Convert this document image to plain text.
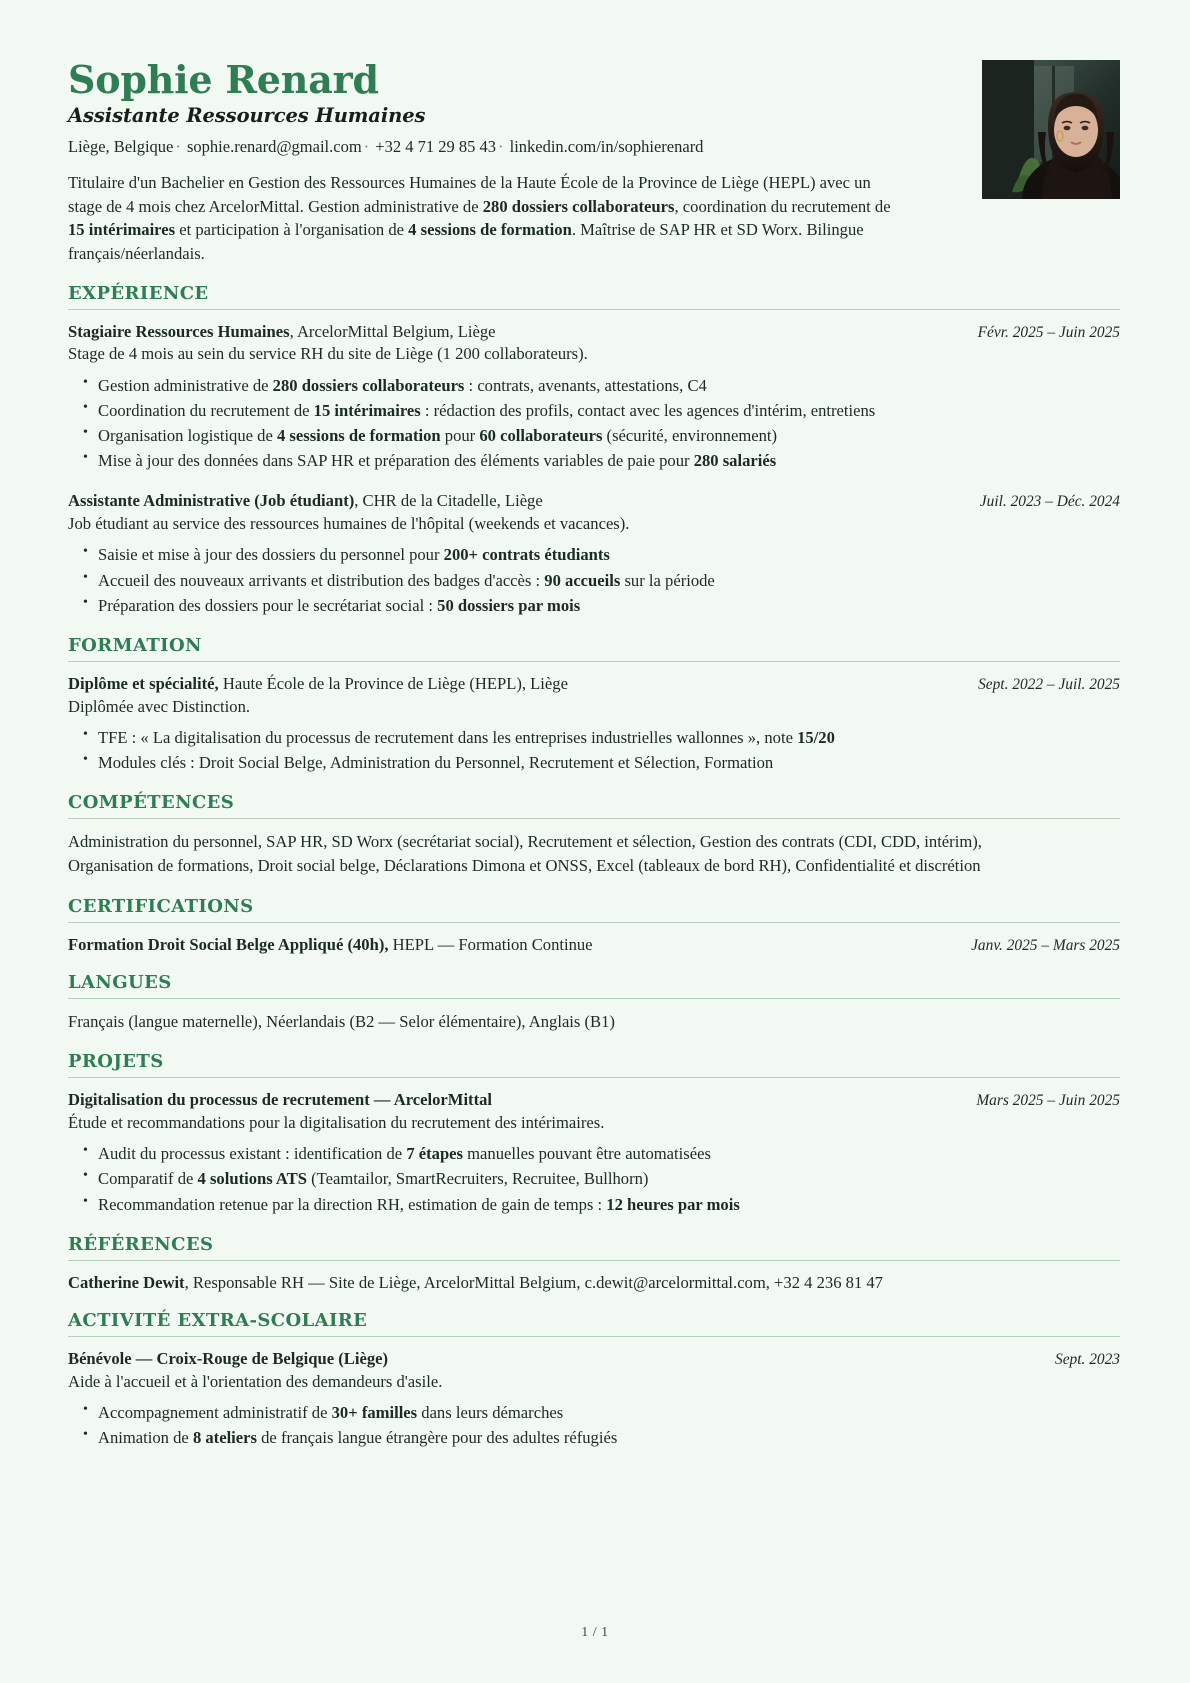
Sophie Renard
Assistante Ressources Humaines
Liège, Belgique · sophie.renard@gmail.com · +32 4 71 29 85 43 · linkedin.com/in/sophierenard

Titulaire d'un Bachelier en Gestion des Ressources Humaines de la Haute École de la Province de Liège (HEPL) avec un stage de 4 mois chez ArcelorMittal. Gestion administrative de 280 dossiers collaborateurs, coordination du recrutement de 15 intérimaires et participation à l'organisation de 4 sessions de formation. Maîtrise de SAP HR et SD Worx. Bilingue français/néerlandais.

EXPÉRIENCE
Stagiaire Ressources Humaines, ArcelorMittal Belgium, Liège	Févr. 2025 – Juin 2025
Stage de 4 mois au sein du service RH du site de Liège (1 200 collaborateurs).
• Gestion administrative de 280 dossiers collaborateurs : contrats, avenants, attestations, C4
• Coordination du recrutement de 15 intérimaires : rédaction des profils, contact avec les agences d'intérim, entretiens
• Organisation logistique de 4 sessions de formation pour 60 collaborateurs (sécurité, environnement)
• Mise à jour des données dans SAP HR et préparation des éléments variables de paie pour 280 salariés
Assistante Administrative (Job étudiant), CHR de la Citadelle, Liège	Juil. 2023 – Déc. 2024
Job étudiant au service des ressources humaines de l'hôpital (weekends et vacances).
• Saisie et mise à jour des dossiers du personnel pour 200+ contrats étudiants
• Accueil des nouveaux arrivants et distribution des badges d'accès : 90 accueils sur la période
• Préparation des dossiers pour le secrétariat social : 50 dossiers par mois
FORMATION
Diplôme et spécialité, Haute École de la Province de Liège (HEPL), Liège	Sept. 2022 – Juil. 2025
Diplômée avec Distinction.
• TFE : « La digitalisation du processus de recrutement dans les entreprises industrielles wallonnes », note 15/20
• Modules clés : Droit Social Belge, Administration du Personnel, Recrutement et Sélection, Formation
COMPÉTENCES

Administration du personnel, SAP HR, SD Worx (secrétariat social), Recrutement et sélection, Gestion des contrats (CDI, CDD, intérim), Organisation de formations, Droit social belge, Déclarations Dimona et ONSS, Excel (tableaux de bord RH), Confidentialité et discrétion

CERTIFICATIONS
Formation Droit Social Belge Appliqué (40h), HEPL — Formation Continue	Janv. 2025 – Mars 2025
LANGUES

Français (langue maternelle), Néerlandais (B2 — Selor élémentaire), Anglais (B1)

PROJETS
Digitalisation du processus de recrutement — ArcelorMittal	Mars 2025 – Juin 2025
Étude et recommandations pour la digitalisation du recrutement des intérimaires.
• Audit du processus existant : identification de 7 étapes manuelles pouvant être automatisées
• Comparatif de 4 solutions ATS (Teamtailor, SmartRecruiters, Recruitee, Bullhorn)
• Recommandation retenue par la direction RH, estimation de gain de temps : 12 heures par mois
RÉFÉRENCES
Catherine Dewit, Responsable RH — Site de Liège, ArcelorMittal Belgium, c.dewit@arcelormittal.com, +32 4 236 81 47
ACTIVITÉ EXTRA-SCOLAIRE
Bénévole — Croix-Rouge de Belgique (Liège)	Sept. 2023
Aide à l'accueil et à l'orientation des demandeurs d'asile.
• Accompagnement administratif de 30+ familles dans leurs démarches
• Animation de 8 ateliers de français langue étrangère pour des adultes réfugiés
1 / 1
